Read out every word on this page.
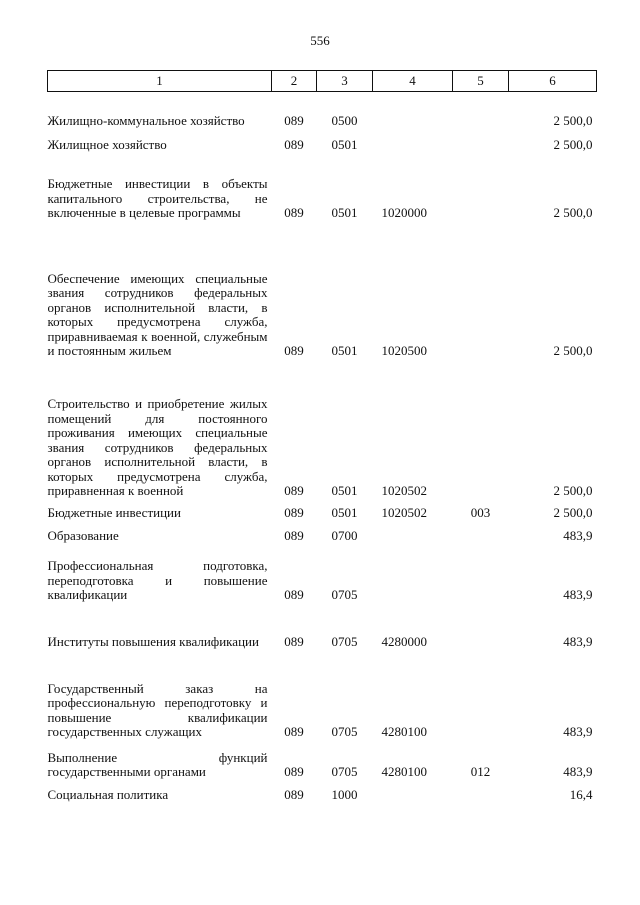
556
1	2	3	4	5	6
Жилищно-коммунальное хозяйство	089	0500			2 500,0
Жилищное хозяйство	089	0501			2 500,0
Бюджетные инвестиции в объекты капитального строительства, не включенные в целевые программы	089	0501	1020000		2 500,0
Обеспечение имеющих специальные звания сотрудников федеральных органов исполнительной власти, в которых предусмотрена служба, приравниваемая к военной, служебным и постоянным жильем	089	0501	1020500		2 500,0
Строительство и приобретение жилых помещений для постоянного проживания имеющих специальные звания сотрудников федеральных органов исполнительной власти, в которых предусмотрена служба, приравненная к военной	089	0501	1020502		2 500,0
Бюджетные инвестиции	089	0501	1020502	003	2 500,0
Образование	089	0700			483,9
Профессиональная подготовка, переподготовка и повышение квалификации	089	0705			483,9
Институты повышения квалификации	089	0705	4280000		483,9
Государственный заказ на профессиональную переподготовку и повышение квалификации государственных служащих	089	0705	4280100		483,9
Выполнение функций государственными органами	089	0705	4280100	012	483,9
Социальная политика	089	1000			16,4
